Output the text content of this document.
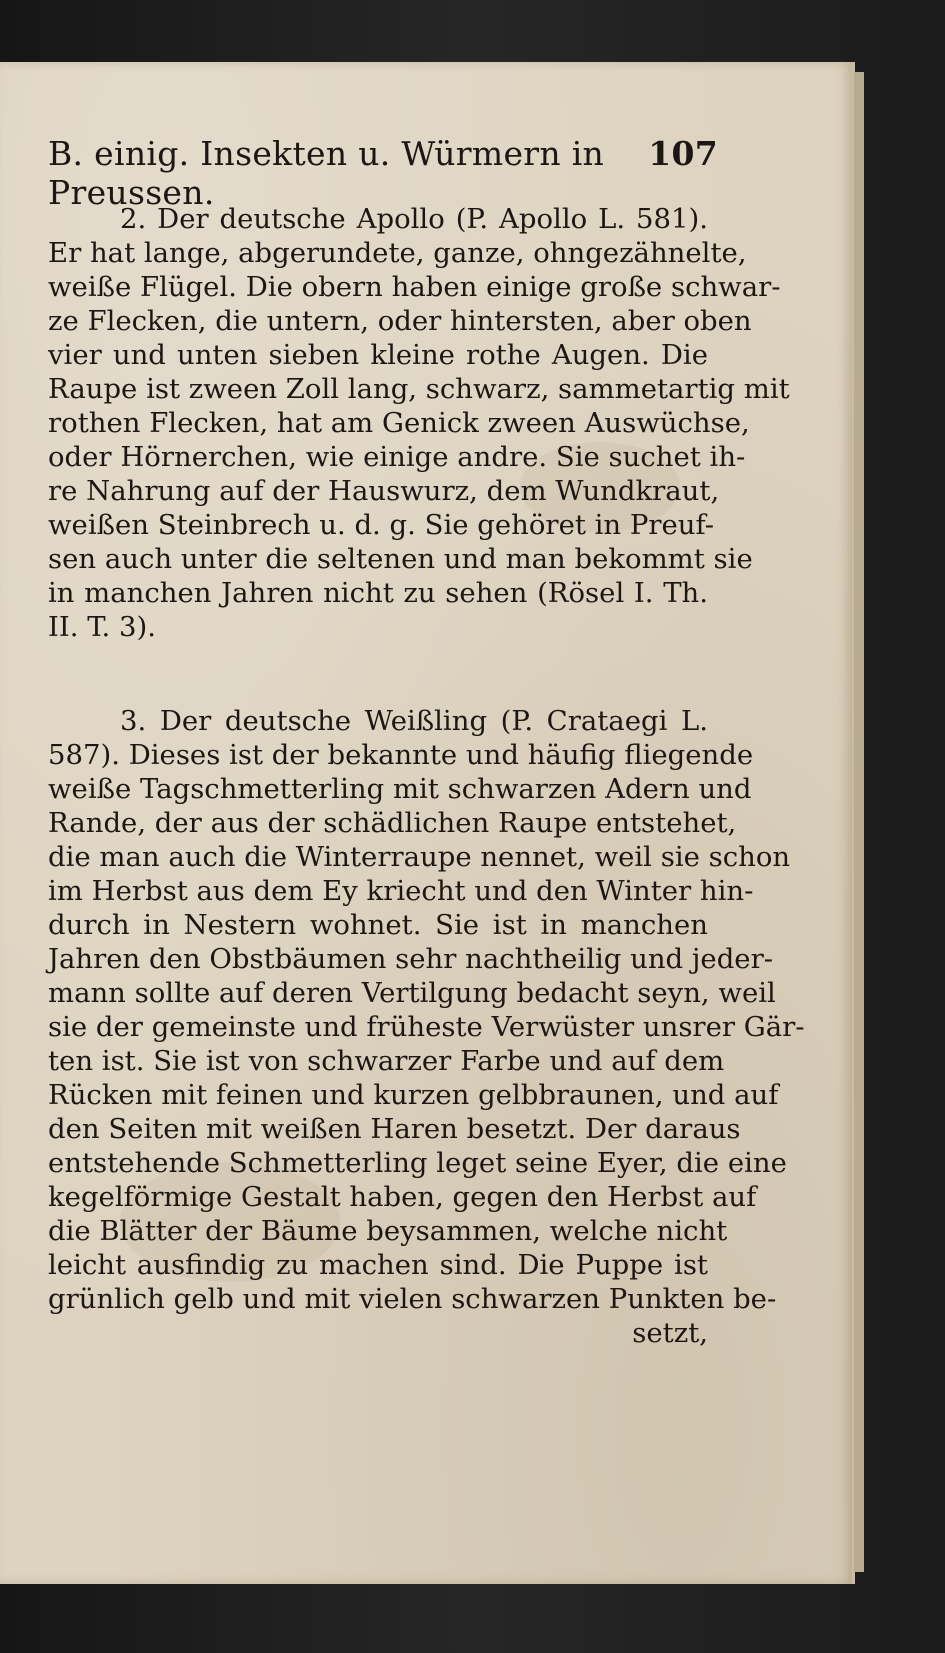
B. einig. Insekten u. Würmern in Preussen.
107
2. Der deutsche Apollo (P. Apollo L. 581).
Er hat lange, abgerundete, ganze, ohngezähnelte,
weiße Flügel. Die obern haben einige große schwar-
ze Flecken, die untern, oder hintersten, aber oben
vier und unten sieben kleine rothe Augen. Die
Raupe ist zween Zoll lang, schwarz, sammetartig mit
rothen Flecken, hat am Genick zween Auswüchse,
oder Hörnerchen, wie einige andre. Sie suchet ih-
re Nahrung auf der Hauswurz, dem Wundkraut,
weißen Steinbrech u. d. g. Sie gehöret in Preuf-
sen auch unter die seltenen und man bekommt sie
in manchen Jahren nicht zu sehen (Rösel I. Th.
II. T. 3).
3. Der deutsche Weißling (P. Crataegi L.
587). Dieses ist der bekannte und häufig fliegende
weiße Tagschmetterling mit schwarzen Adern und
Rande, der aus der schädlichen Raupe entstehet,
die man auch die Winterraupe nennet, weil sie schon
im Herbst aus dem Ey kriecht und den Winter hin-
durch in Nestern wohnet. Sie ist in manchen
Jahren den Obstbäumen sehr nachtheilig und jeder-
mann sollte auf deren Vertilgung bedacht seyn, weil
sie der gemeinste und früheste Verwüster unsrer Gär-
ten ist. Sie ist von schwarzer Farbe und auf dem
Rücken mit feinen und kurzen gelbbraunen, und auf
den Seiten mit weißen Haren besetzt. Der daraus
entstehende Schmetterling leget seine Eyer, die eine
kegelförmige Gestalt haben, gegen den Herbst auf
die Blätter der Bäume beysammen, welche nicht
leicht ausfindig zu machen sind. Die Puppe ist
grünlich gelb und mit vielen schwarzen Punkten be-
setzt,
